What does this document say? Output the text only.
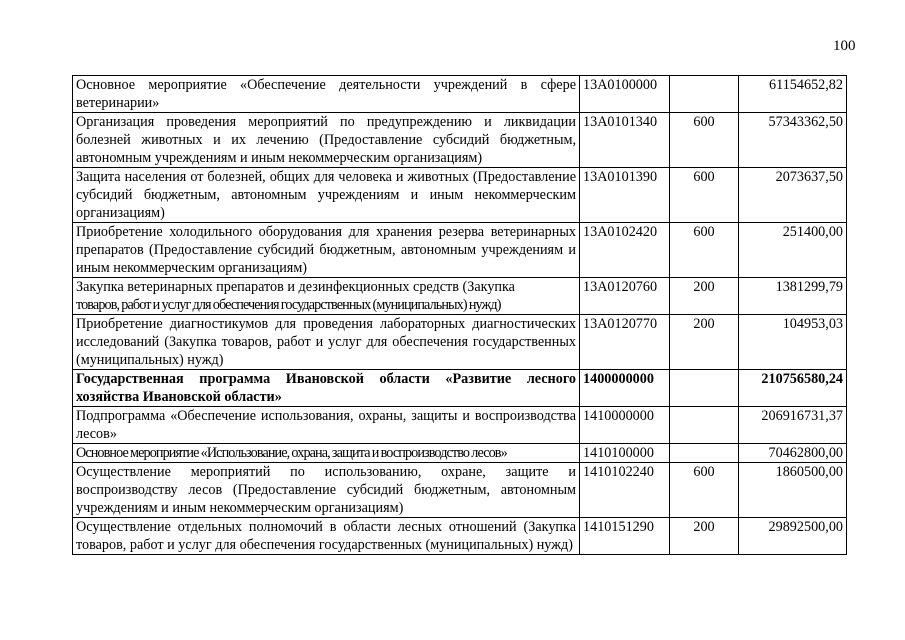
100
Основное мероприятие «Обеспечение деятельности учреждений в сфере ветеринарии»	13А0100000		61154652,82
Организация проведения мероприятий по предупреждению и ликвидации болезней животных и их лечению (Предоставление субсидий бюджетным, автономным учреждениям и иным некоммерческим организациям)	13А0101340	600	57343362,50
Защита населения от болезней, общих для человека и животных (Предоставление субсидий бюджетным, автономным учреждениям и иным некоммерческим организациям)	13А0101390	600	2073637,50
Приобретение холодильного оборудования для хранения резерва ветеринарных препаратов (Предоставление субсидий бюджетным, автономным учреждениям и иным некоммерческим организациям)	13А0102420	600	251400,00
Закупка ветеринарных препаратов и дезинфекционных средств (Закупка
товаров, работ и услуг для обеспечения государственных (муниципальных) нужд)	13А0120760	200	1381299,79
Приобретение диагностикумов для проведения лабораторных диагностических исследований (Закупка товаров, работ и услуг для обеспечения государственных (муниципальных) нужд)	13А0120770	200	104953,03
Государственная программа Ивановской области «Развитие лесного хозяйства Ивановской области»	1400000000		210756580,24
Подпрограмма «Обеспечение использования, охраны, защиты и воспроизводства лесов»	1410000000		206916731,37
Основное мероприятие «Использование, охрана, защита и воспроизводство лесов»	1410100000		70462800,00
Осуществление мероприятий по использованию, охране, защите и воспроизводству лесов (Предоставление субсидий бюджетным, автономным учреждениям и иным некоммерческим организациям)	1410102240	600	1860500,00
Осуществление отдельных полномочий в области лесных отношений (Закупка товаров, работ и услуг для обеспечения государственных (муниципальных) нужд)	1410151290	200	29892500,00
